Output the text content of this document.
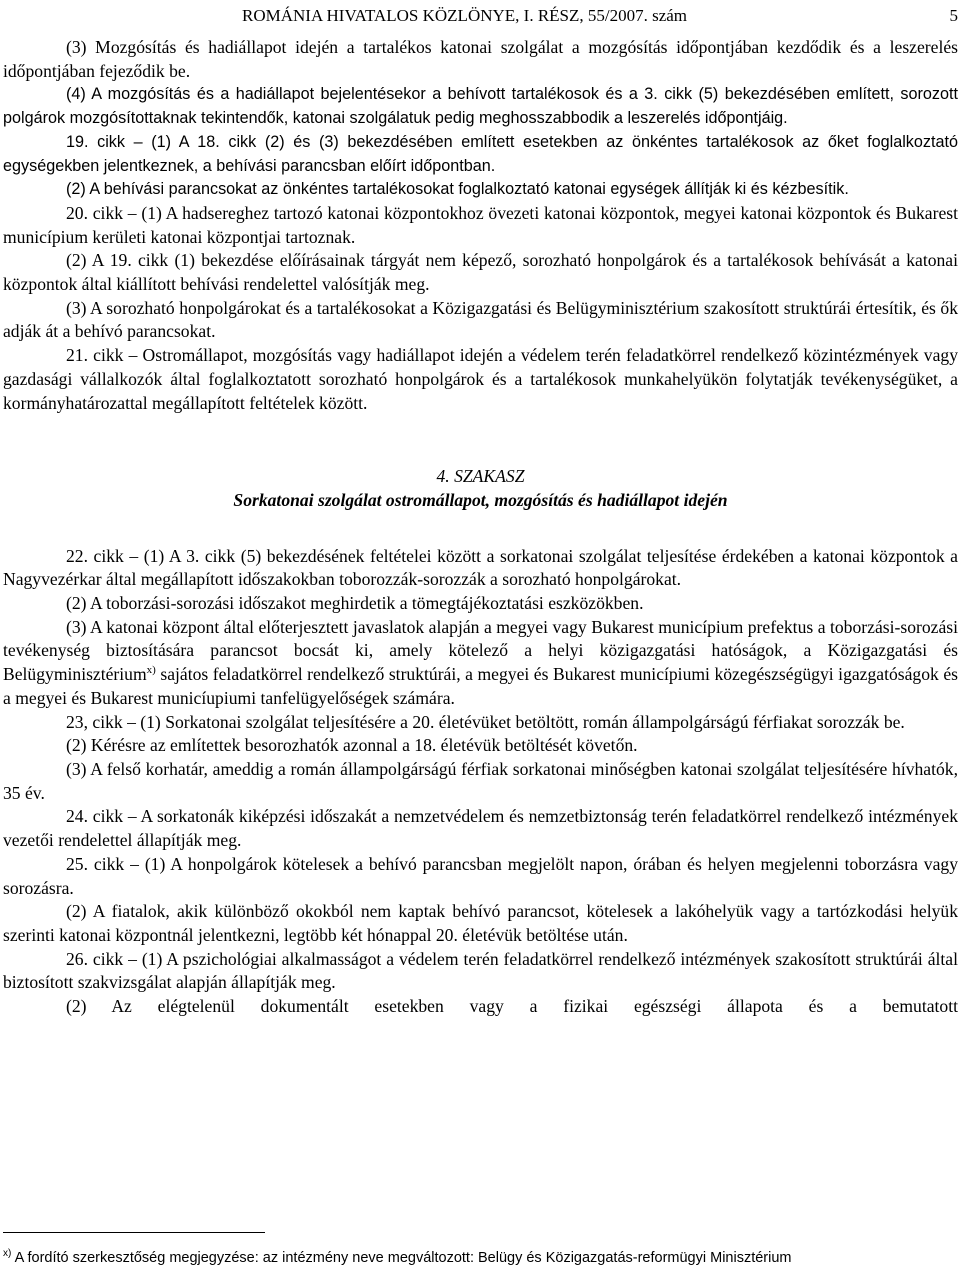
ROMÁNIA HIVATALOS KÖZLÖNYE, I. RÉSZ, 55/2007. szám	5

(3) Mozgósítás és hadiállapot idején a tartalékos katonai szolgálat a mozgósítás időpontjában kezdődik és a leszerelés időpontjában fejeződik be.

(4) A mozgósítás és a hadiállapot bejelentésekor a behívott tartalékosok és a 3. cikk (5) bekezdésében említett, sorozott polgárok mozgósítottaknak tekintendők, katonai szolgálatuk pedig meghosszabbodik a leszerelés időpontjáig.

19. cikk – (1) A 18. cikk (2) és (3) bekezdésében említett esetekben az önkéntes tartalékosok az őket foglalkoztató egységekben jelentkeznek, a behívási parancsban előírt időpontban.

(2) A behívási parancsokat az önkéntes tartalékosokat foglalkoztató katonai egységek állítják ki és kézbesítik.

20. cikk – (1) A hadsereghez tartozó katonai központokhoz övezeti katonai központok, megyei katonai központok és Bukarest municípium kerületi katonai központjai tartoznak.

(2) A 19. cikk (1) bekezdése előírásainak tárgyát nem képező, sorozható honpolgárok és a tartalékosok behívását a katonai központok által kiállított behívási rendelettel valósítják meg.

(3) A sorozható honpolgárokat és a tartalékosokat a Közigazgatási és Belügyminisztérium szakosított struktúrái értesítik, és ők adják át a behívó parancsokat.

21. cikk – Ostromállapot, mozgósítás vagy hadiállapot idején a védelem terén feladatkörrel rendelkező közintézmények vagy gazdasági vállalkozók által foglalkoztatott sorozható honpolgárok és a tartalékosok munkahelyükön folytatják tevékenységüket, a kormányhatározattal megállapított feltételek között.

4. SZAKASZ

Sorkatonai szolgálat ostromállapot, mozgósítás és hadiállapot idején

22. cikk – (1) A 3. cikk (5) bekezdésének feltételei között a sorkatonai szolgálat teljesítése érdekében a katonai központok a Nagyvezérkar által megállapított időszakokban toborozzák-sorozzák a sorozható honpolgárokat.

(2) A toborzási-sorozási időszakot meghirdetik a tömegtájékoztatási eszközökben.

(3) A katonai központ által előterjesztett javaslatok alapján a megyei vagy Bukarest municípium prefektus a toborzási-sorozási tevékenység biztosítására parancsot bocsát ki, amely kötelező a helyi közigazgatási hatóságok, a Közigazgatási és Belügyminisztérium$^{x)}$ sajátos feladatkörrel rendelkező struktúrái, a megyei és Bukarest municípiumi közegészségügyi igazgatóságok és a megyei és Bukarest municíupiumi tanfelügyelőségek számára.

23, cikk – (1) Sorkatonai szolgálat teljesítésére a 20. életévüket betöltött, román állampolgárságú férfiakat sorozzák be.

(2) Kérésre az említettek besorozhatók azonnal a 18. életévük betöltését követőn.

(3) A felső korhatár, ameddig a román állampolgárságú férfiak sorkatonai minőségben katonai szolgálat teljesítésére hívhatók, 35 év.

24. cikk – A sorkatonák kiképzési időszakát a nemzetvédelem és nemzetbiztonság terén feladatkörrel rendelkező intézmények vezetői rendelettel állapítják meg.

25. cikk – (1) A honpolgárok kötelesek a behívó parancsban megjelölt napon, órában és helyen megjelenni toborzásra vagy sorozásra.

(2) A fiatalok, akik különböző okokból nem kaptak behívó parancsot, kötelesek a lakóhelyük vagy a tartózkodási helyük szerinti katonai központnál jelentkezni, legtöbb két hónappal 20. életévük betöltése után.

26. cikk – (1) A pszichológiai alkalmasságot a védelem terén feladatkörrel rendelkező intézmények szakosított struktúrái által biztosított szakvizsgálat alapján állapítják meg.

(2) Az elégtelenül dokumentált esetekben vagy a fizikai egészségi állapota és a bemutatott

$^{x)}$ A fordító szerkesztőség megjegyzése: az intézmény neve megváltozott: Belügy és Közigazgatás-reformügyi Minisztérium
